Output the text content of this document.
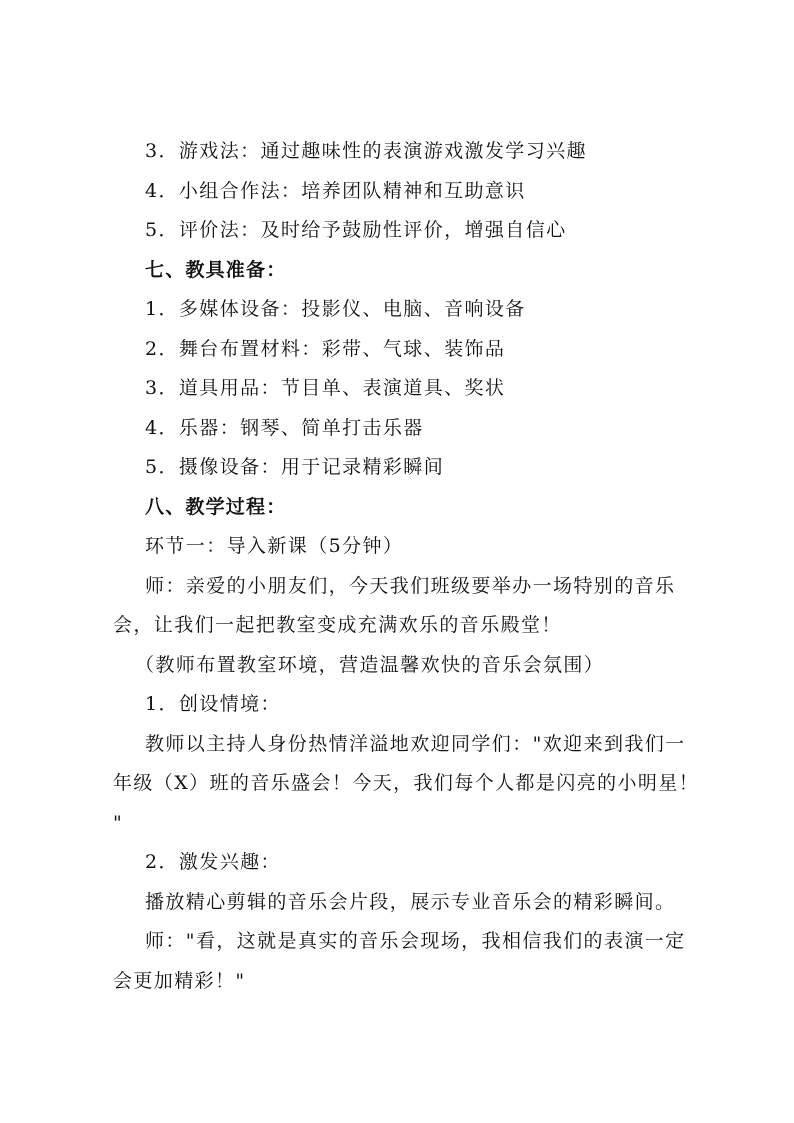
3．游戏法：通过趣味性的表演游戏激发学习兴趣
4．小组合作法：培养团队精神和互助意识
5．评价法：及时给予鼓励性评价，增强自信心
七、教具准备：
1．多媒体设备：投影仪、电脑、音响设备
2．舞台布置材料：彩带、气球、装饰品
3．道具用品：节目单、表演道具、奖状
4．乐器：钢琴、简单打击乐器
5．摄像设备：用于记录精彩瞬间
八、教学过程：
环节一：导入新课（5分钟）
师：亲爱的小朋友们，今天我们班级要举办一场特别的音乐
会，让我们一起把教室变成充满欢乐的音乐殿堂！
（教师布置教室环境，营造温馨欢快的音乐会氛围）
1．创设情境：
教师以主持人身份热情洋溢地欢迎同学们："欢迎来到我们一
年级（X）班的音乐盛会！今天，我们每个人都是闪亮的小明星！
"
2．激发兴趣：
播放精心剪辑的音乐会片段，展示专业音乐会的精彩瞬间。
师："看，这就是真实的音乐会现场，我相信我们的表演一定
会更加精彩！"
